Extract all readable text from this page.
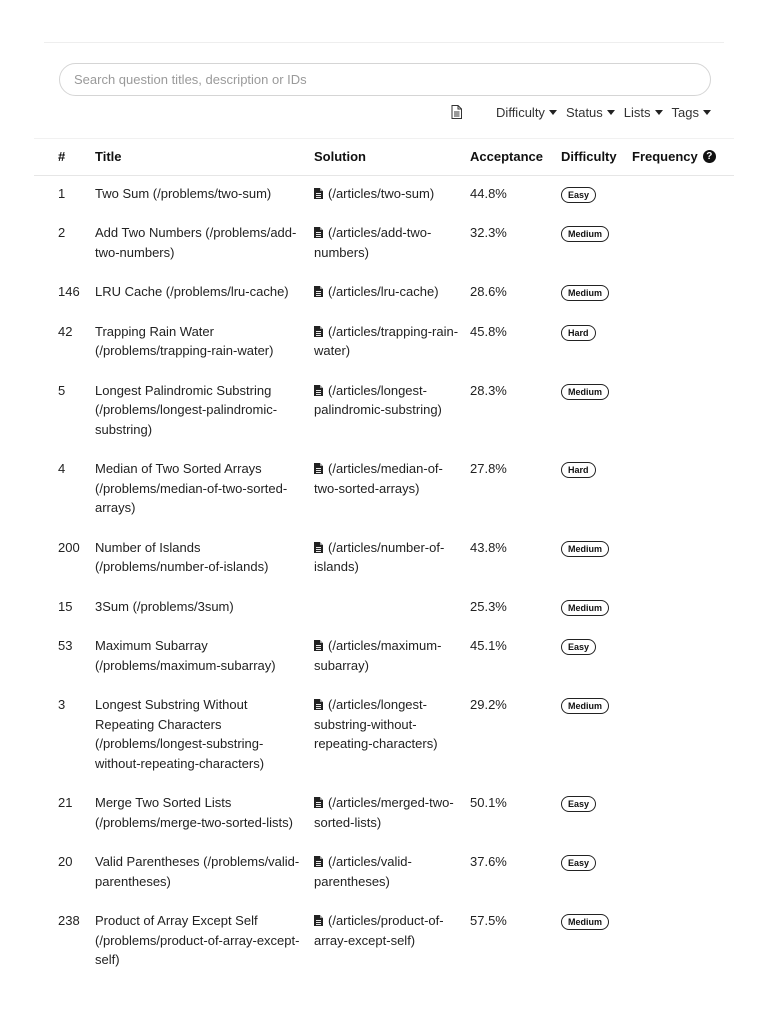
Search question titles, description or IDs
Difficulty Status Lists Tags
#	Title	Solution	Acceptance	Difficulty	Frequency ?

1	Two Sum (/problems/two-sum)	(/articles/two-sum)	44.8%	Easy	
2	Add Two Numbers (/problems/add-two-numbers)	(/articles/add-two-numbers)	32.3%	Medium	
146	LRU Cache (/problems/lru-cache)	(/articles/lru-cache)	28.6%	Medium	
42	Trapping Rain Water (/problems/trapping-rain-water)	(/articles/trapping-rain-water)	45.8%	Hard	
5	Longest Palindromic Substring (/problems/longest-palindromic-substring)	(/articles/longest-palindromic-substring)	28.3%	Medium	
4	Median of Two Sorted Arrays (/problems/median-of-two-sorted-arrays)	(/articles/median-of-two-sorted-arrays)	27.8%	Hard	
200	Number of Islands (/problems/number-of-islands)	(/articles/number-of-islands)	43.8%	Medium	
15	3Sum (/problems/3sum)		25.3%	Medium	
53	Maximum Subarray (/problems/maximum-subarray)	(/articles/maximum-subarray)	45.1%	Easy	
3	Longest Substring Without Repeating Characters (/problems/longest-substring-without-repeating-characters)	(/articles/longest-substring-without-repeating-characters)	29.2%	Medium	
21	Merge Two Sorted Lists (/problems/merge-two-sorted-lists)	(/articles/merged-two-sorted-lists)	50.1%	Easy	
20	Valid Parentheses (/problems/valid-parentheses)	(/articles/valid-parentheses)	37.6%	Easy	
238	Product of Array Except Self (/problems/product-of-array-except-self)	(/articles/product-of-array-except-self)	57.5%	Medium	
